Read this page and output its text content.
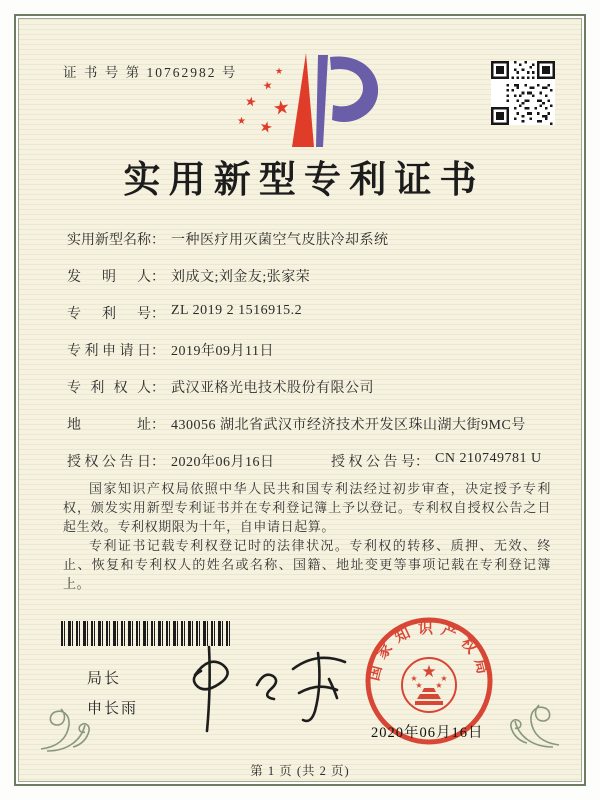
证 书 号 第 10762982 号	★
★
★ ★
★ ★
实用新型专利证书
实用新型名称： 一种医疗用灭菌空气皮肤冷却系统
发明人： 刘成文;刘金友;张家荣
专利号： ZL 2019 2 1516915.2
专利申请日： 2019年09月11日
专利权人： 武汉亚格光电技术股份有限公司
地址： 430056 湖北省武汉市经济技术开发区珠山湖大街9MC号
授权公告日： 2020年06月16日	授权公告号： CN 210749781 U

国家知识产权局依照中华人民共和国专利法经过初步审查，决定授予专利权，颁发实用新型专利证书并在专利登记簿上予以登记。专利权自授权公告之日起生效。专利权期限为十年，自申请日起算。

专利证书记载专利权登记时的法律状况。专利权的转移、质押、无效、终止、恢复和专利权人的姓名或名称、国籍、地址变更等事项记载在专利登记簿上。

局长
申长雨
国家知识产权局
★
★	★
★ ★
2020年06月16日
第 1 页 (共 2 页)
